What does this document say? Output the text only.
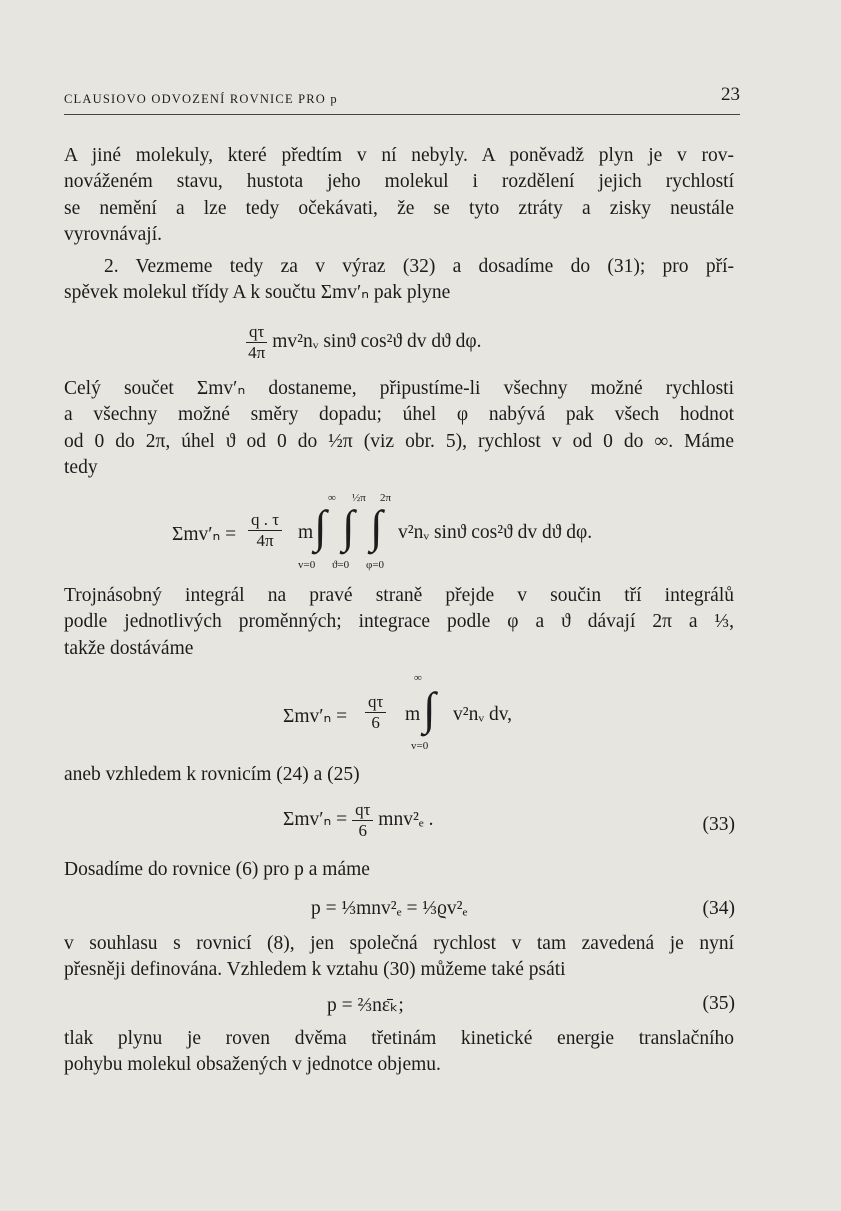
CLAUSIOVO ODVOZENÍ ROVNICE PRO p	23
A jiné molekuly, které předtím v ní nebyly. A poněvadž plyn je v rov-
nováženém stavu, hustota jeho molekul i rozdělení jejich rychlostí
se nemění a lze tedy očekávati, že se tyto ztráty a zisky neustále
vyrovnávají.
2. Vezmeme tedy za v výraz (32) a dosadíme do (31); pro pří-
spěvek molekul třídy A k součtu Σmv′ₙ pak plyne
$\frac{q\tau}{4\pi}$ mv²nᵥ sinϑ cos²ϑ dv dϑ dφ.
Celý součet Σmv′ₙ dostaneme, připustíme-li všechny možné rychlosti
a všechny možné směry dopadu; úhel φ nabývá pak všech hodnot
od 0 do 2π, úhel ϑ od 0 do ½π (viz obr. 5), rychlost v od 0 do ∞. Máme
tedy
$\Sigma mv'_n = \frac{q . \tau}{4\pi}$ m ∫ ∫ ∫
∞ ½π 2π
v=0 ϑ=0 φ=0
v²nᵥ sinϑ cos²ϑ dv dϑ dφ.
Trojnásobný integrál na pravé straně přejde v součin tří integrálů
podle jednotlivých proměnných; integrace podle φ a ϑ dávají 2π a ⅓,
takže dostáváme
$\Sigma mv'_n = \frac{q\tau}{6}$ m ∫
∞
v=0
v²nᵥ dv,
aneb vzhledem k rovnicím (24) a (25)
$\Sigma mv'_n = \frac{q\tau}{6} mnv^2_e$ .	(33)
Dosadíme do rovnice (6) pro p a máme
p = ⅓mnv²ₑ = ⅓ϱv²ₑ	(34)
v souhlasu s rovnicí (8), jen společná rychlost v tam zavedená je nyní
přesněji definována. Vzhledem k vztahu (30) můžeme také psáti
p = ⅔nε̄ₖ;	(35)
tlak plynu je roven dvěma třetinám kinetické energie translačního
pohybu molekul obsažených v jednotce objemu.
